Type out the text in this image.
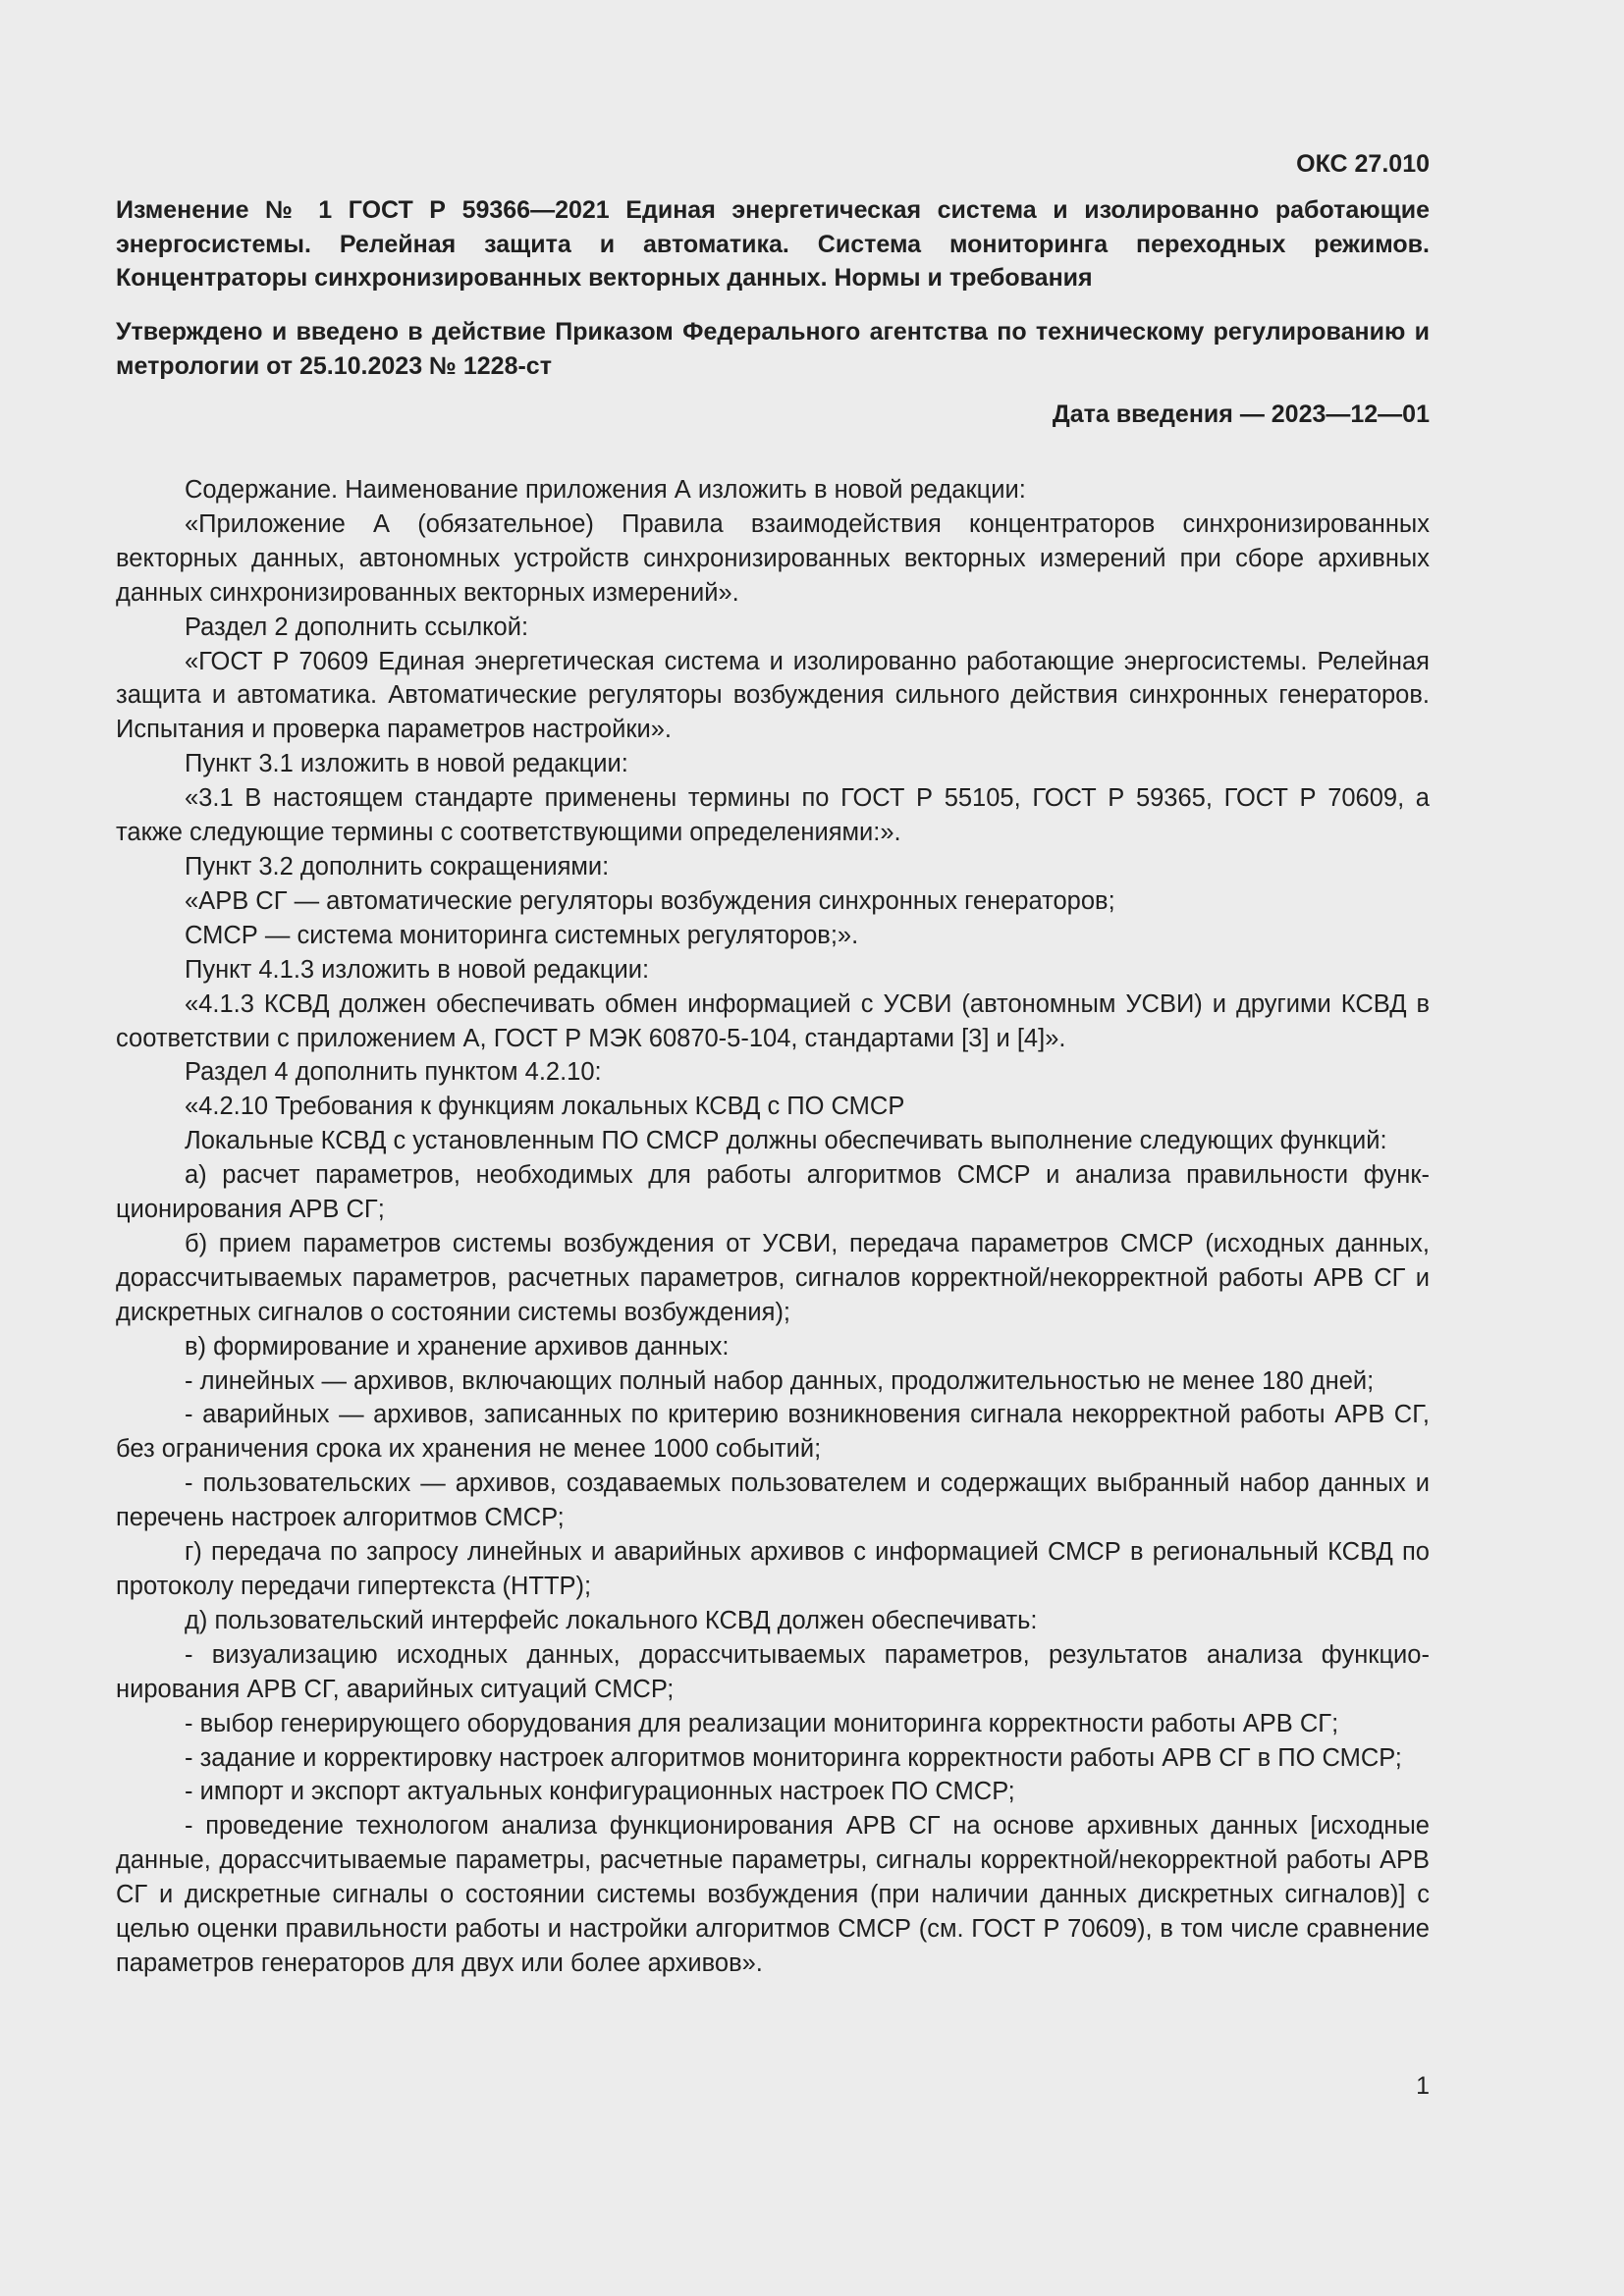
ОКС 27.010
Изменение № 1 ГОСТ Р 59366—2021 Единая энергетическая система и изолированно работающие энергосистемы. Релейная защита и автоматика. Система мониторинга переходных режимов. Концентраторы синхронизированных векторных данных. Нормы и требования
Утверждено и введено в действие Приказом Федерального агентства по техническому регулированию и метрологии от 25.10.2023 № 1228-ст
Дата введения — 2023—12—01

Содержание. Наименование приложения А изложить в новой редакции:

«Приложение А (обязательное) Правила взаимодействия концентраторов синхронизированных векторных данных, автономных устройств синхронизированных векторных измерений при сборе архивных данных синхронизированных векторных измерений».

Раздел 2 дополнить ссылкой:

«ГОСТ Р 70609 Единая энергетическая система и изолированно работающие энергосистемы. Релейная защита и автоматика. Автоматические регуляторы возбуждения сильного действия синхронных генераторов. Испытания и проверка параметров настройки».

Пункт 3.1 изложить в новой редакции:

«3.1 В настоящем стандарте применены термины по ГОСТ Р 55105, ГОСТ Р 59365, ГОСТ Р 70609, а также следующие термины с соответствующими определениями:».

Пункт 3.2 дополнить сокращениями:

«АРВ СГ — автоматические регуляторы возбуждения синхронных генераторов;

СМСР — система мониторинга системных регуляторов;».

Пункт 4.1.3 изложить в новой редакции:

«4.1.3 КСВД должен обеспечивать обмен информацией с УСВИ (автономным УСВИ) и другими КСВД в соответствии с приложением А, ГОСТ Р МЭК 60870-5-104, стандартами [3] и [4]».

Раздел 4 дополнить пунктом 4.2.10:

«4.2.10 Требования к функциям локальных КСВД с ПО СМСР

Локальные КСВД с установленным ПО СМСР должны обеспечивать выполнение следующих функций:

а) расчет параметров, необходимых для работы алгоритмов СМСР и анализа правильности функционирования АРВ СГ;

б) прием параметров системы возбуждения от УСВИ, передача параметров СМСР (исходных данных, дорассчитываемых параметров, расчетных параметров, сигналов корректной/некорректной работы АРВ СГ и дискретных сигналов о состоянии системы возбуждения);

в) формирование и хранение архивов данных:

- линейных — архивов, включающих полный набор данных, продолжительностью не менее 180 дней;

- аварийных — архивов, записанных по критерию возникновения сигнала некорректной работы АРВ СГ, без ограничения срока их хранения не менее 1000 событий;

- пользовательских — архивов, создаваемых пользователем и содержащих выбранный набор данных и перечень настроек алгоритмов СМСР;

г) передача по запросу линейных и аварийных архивов с информацией СМСР в региональный КСВД по протоколу передачи гипертекста (HTTP);

д) пользовательский интерфейс локального КСВД должен обеспечивать:

- визуализацию исходных данных, дорассчитываемых параметров, результатов анализа функционирования АРВ СГ, аварийных ситуаций СМСР;

- выбор генерирующего оборудования для реализации мониторинга корректности работы АРВ СГ;

- задание и корректировку настроек алгоритмов мониторинга корректности работы АРВ СГ в ПО СМСР;

- импорт и экспорт актуальных конфигурационных настроек ПО СМСР;

- проведение технологом анализа функционирования АРВ СГ на основе архивных данных [исходные данные, дорассчитываемые параметры, расчетные параметры, сигналы корректной/некорректной работы АРВ СГ и дискретные сигналы о состоянии системы возбуждения (при наличии данных дискретных сигналов)] с целью оценки правильности работы и настройки алгоритмов СМСР (см. ГОСТ Р 70609), в том числе сравнение параметров генераторов для двух или более архивов».

1
